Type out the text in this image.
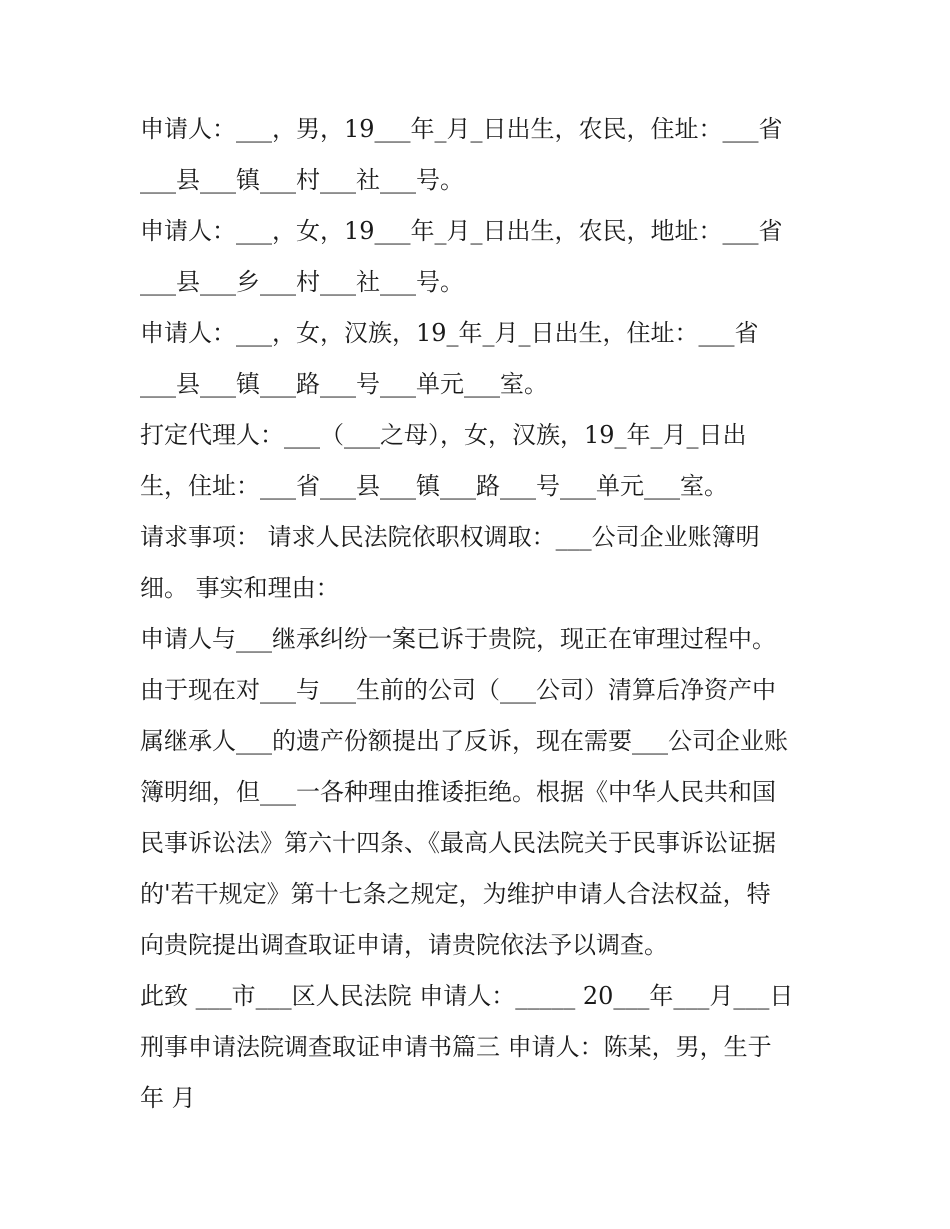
申请人：___，男，19___年_月_日出生，农民，住址：___省
___县___镇___村___社___号。
申请人：___，女，19___年_月_日出生，农民，地址：___省
___县___乡___村___社___号。
申请人：___，女，汉族，19_年_月_日出生，住址：___省
___县___镇___路___号___单元___室。
打定代理人：___（___之母），女，汉族，19_年_月_日出
生，住址：___省___县___镇___路___号___单元___室。
请求事项： 请求人民法院依职权调取：___公司企业账簿明
细。 事实和理由：
申请人与___继承纠纷一案已诉于贵院，现正在审理过程中。
由于现在对___与___生前的公司（___公司）清算后净资产中
属继承人___的遗产份额提出了反诉，现在需要___公司企业账
簿明细，但___一各种理由推诿拒绝。根据《中华人民共和国
民事诉讼法》第六十四条、《最高人民法院关于民事诉讼证据
的'若干规定》第十七条之规定，为维护申请人合法权益，特
向贵院提出调查取证申请，请贵院依法予以调查。
此致 ___市___区人民法院 申请人：_____ 20___年___月___日
刑事申请法院调查取证申请书篇三 申请人：陈某，男，生于
年 月
